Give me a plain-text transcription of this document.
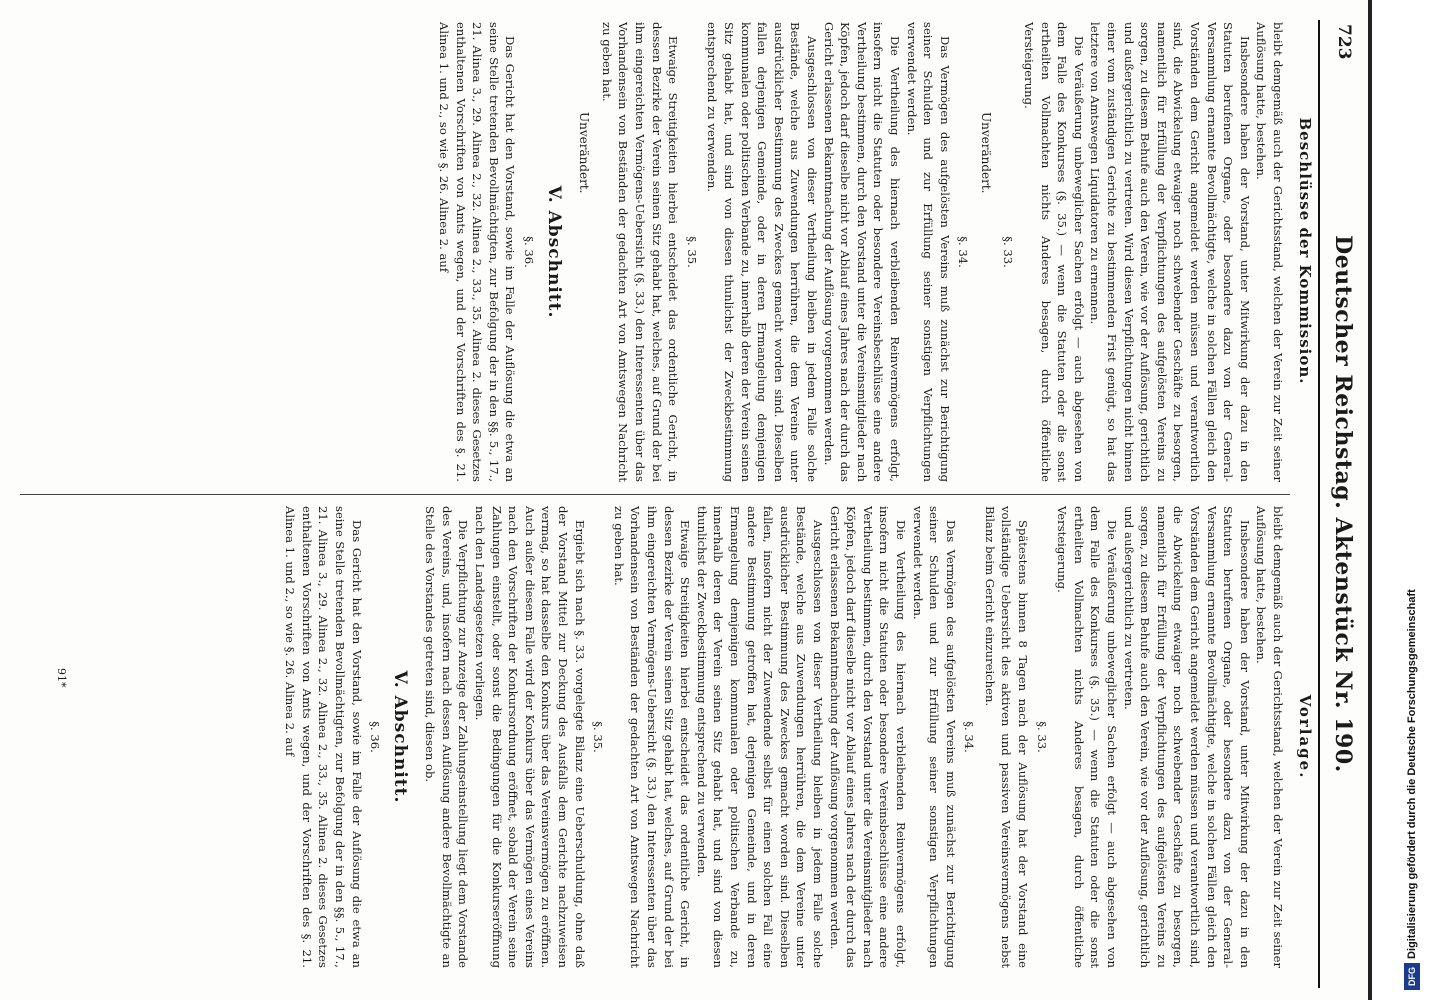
723
Deutscher Reichstag. Aktenstück Nr. 190.
Beschlüsse der Kommission.
Vorlage.

bleibt demgemäß auch der Gerichtsstand, welchen der Verein zur Zeit seiner Auflösung hatte, bestehen.

Insbesondere haben der Vorstand, unter Mitwirkung der dazu in den Statuten berufenen Organe, oder besondere dazu von der General-Versammlung ernannte Bevollmächtigte, welche in solchen Fällen gleich den Vorständen dem Gericht angemeldet werden müssen und verantwortlich sind, die Abwickelung etwaiger noch schwebender Geschäfte zu besorgen, namentlich für Erfüllung der Verpflichtungen des aufgelösten Vereins zu sorgen, zu diesem Behufe auch den Verein, wie vor der Auflösung, gerichtlich und außergerichtlich zu vertreten. Wird diesen Verpflichtungen nicht binnen einer vom zuständigen Gerichte zu bestimmenden Frist genügt, so hat das letztere von Amtswegen Liquidatoren zu ernennen.

Die Veräußerung unbeweglicher Sachen erfolgt — auch abgesehen von dem Falle des Konkurses (§. 35.) — wenn die Statuten oder die sonst ertheilten Vollmachten nichts Anderes besagen, durch öffentliche Versteigerung.

§. 33.

Unverändert.

§. 34.

Das Vermögen des aufgelösten Vereins muß zunächst zur Berichtigung seiner Schulden und zur Erfüllung seiner sonstigen Verpflichtungen verwendet werden.

Die Vertheilung des hiernach verbleibenden Reinvermögens erfolgt, insofern nicht die Statuten oder besondere Vereinsbeschlüsse eine andere Vertheilung bestimmen, durch den Vorstand unter die Vereinsmitglieder nach Köpfen, jedoch darf dieselbe nicht vor Ablauf eines Jahres nach der durch das Gericht erlassenen Bekanntmachung der Auflösung vorgenommen werden.

Ausgeschlossen von dieser Vertheilung bleiben in jedem Falle solche Bestände, welche aus Zuwendungen herrühren, die dem Vereine unter ausdrücklicher Bestimmung des Zweckes gemacht worden sind. Dieselben fallen derjenigen Gemeinde, oder in deren Ermangelung demjenigen kommunalen oder politischen Verbande zu, innerhalb deren der Verein seinen Sitz gehabt hat, und sind von diesen thunlichst der Zweckbestimmung entsprechend zu verwenden.

§. 35.

Etwaige Streitigkeiten hierbei entscheidet das ordentliche Gericht, in dessen Bezirke der Verein seinen Sitz gehabt hat, welches, auf Grund der bei ihm eingereichten Vermögens-Uebersicht (§. 33.) den Interessenten über das Vorhandensein von Beständen der gedachten Art von Amtswegen Nachricht zu geben hat.

Unverändert.

V. Abschnitt.

§. 36.

Das Gericht hat den Vorstand, sowie im Falle der Auflösung die etwa an seine Stelle tretenden Bevollmächtigten, zur Befolgung der in den §§. 5., 17., 21. Alinea 3., 29. Alinea 2., 32. Alinea 2., 33., 35. Alinea 2. dieses Gesetzes enthaltenen Vorschriften von Amts wegen, und der Vorschriften des §. 21. Alinea 1. und 2., so wie §. 26. Alinea 2. auf

bleibt demgemäß auch der Gerichtsstand, welchen der Verein zur Zeit seiner Auflösung hatte, bestehen.

Insbesondere haben der Vorstand, unter Mitwirkung der dazu in den Statuten berufenen Organe, oder besondere dazu von der General-Versammlung ernannte Bevollmächtigte, welche in solchen Fällen gleich den Vorständen dem Gericht angemeldet werden müssen und verantwortlich sind, die Abwickelung etwaiger noch schwebender Geschäfte zu besorgen, namentlich für Erfüllung der Verpflichtungen des aufgelösten Vereins zu sorgen, zu diesem Behufe auch den Verein, wie vor der Auflösung, gerichtlich und außergerichtlich zu vertreten.

Die Veräußerung unbeweglicher Sachen erfolgt — auch abgesehen von dem Falle des Konkurses (§. 35.) — wenn die Statuten oder die sonst ertheilten Vollmachten nichts Anderes besagen, durch öffentliche Versteigerung.

§. 33.

Spätestens binnen 8 Tagen nach der Auflösung hat der Vorstand eine vollständige Uebersicht des aktiven und passiven Vereinsvermögens nebst Bilanz beim Gericht einzureichen.

§. 34.

Das Vermögen des aufgelösten Vereins muß zunächst zur Berichtigung seiner Schulden und zur Erfüllung seiner sonstigen Verpflichtungen verwendet werden.

Die Vertheilung des hiernach verbleibenden Reinvermögens erfolgt, insofern nicht die Statuten oder besondere Vereinsbeschlüsse eine andere Vertheilung bestimmen, durch den Vorstand unter die Vereinsmitglieder nach Köpfen, jedoch darf dieselbe nicht vor Ablauf eines Jahres nach der durch das Gericht erlassenen Bekanntmachung der Auflösung vorgenommen werden.

Ausgeschlossen von dieser Vertheilung bleiben in jedem Falle solche Bestände, welche aus Zuwendungen herrühren, die dem Vereine unter ausdrücklicher Bestimmung des Zweckes gemacht worden sind. Dieselben fallen, insofern nicht der Zuwendende selbst für einen solchen Fall eine andere Bestimmung getroffen hat, derjenigen Gemeinde, und in deren Ermangelung demjenigen kommunalen oder politischen Verbande zu, innerhalb deren der Verein seinen Sitz gehabt hat, und sind von diesen thunlichst der Zweckbestimmung entsprechend zu verwenden.

Etwaige Streitigkeiten hierbei entscheidet das ordentliche Gericht, in dessen Bezirke der Verein seinen Sitz gehabt hat, welches, auf Grund der bei ihm eingereichten Vermögens-Uebersicht (§. 33.) den Interessenten über das Vorhandensein von Beständen der gedachten Art von Amtswegen Nachricht zu geben hat.

§. 35.

Ergiebt sich nach §. 33. vorgelegte Bilanz eine Ueberschuldung, ohne daß der Vorstand Mittel zur Deckung des Ausfalls dem Gerichte nachzuweisen vermag, so hat dasselbe den Konkurs über das Vereinsvermögen zu eröffnen. Auch außer diesem Falle wird der Konkurs über das Vermögen eines Vereins nach den Vorschriften der Konkursordnung eröffnet, sobald der Verein seine Zahlungen einstellt, oder sonst die Bedingungen für die Konkurseröffnung nach den Landesgesetzen vorliegen.

Die Verpflichtung zur Anzeige der Zahlungseinstellung liegt dem Vorstande des Vereins, und, insofern nach dessen Auflösung andere Bevollmächtigte an Stelle des Vorstandes getreten sind, diesen ob.

V. Abschnitt.

§. 36.

Das Gericht hat den Vorstand, sowie im Falle der Auflösung die etwa an seine Stelle tretenden Bevollmächtigten, zur Befolgung der in den §§. 5., 17., 21. Alinea 3., 29. Alinea 2., 32. Alinea 2., 33., 35. Alinea 2. dieses Gesetzes enthaltenen Vorschriften von Amts wegen, und der Vorschriften des §. 21. Alinea 1. und 2., so wie §. 26. Alinea 2. auf

91*
DFGDigitalisierung gefördert durch die Deutsche Forschungsgemeinschaft
